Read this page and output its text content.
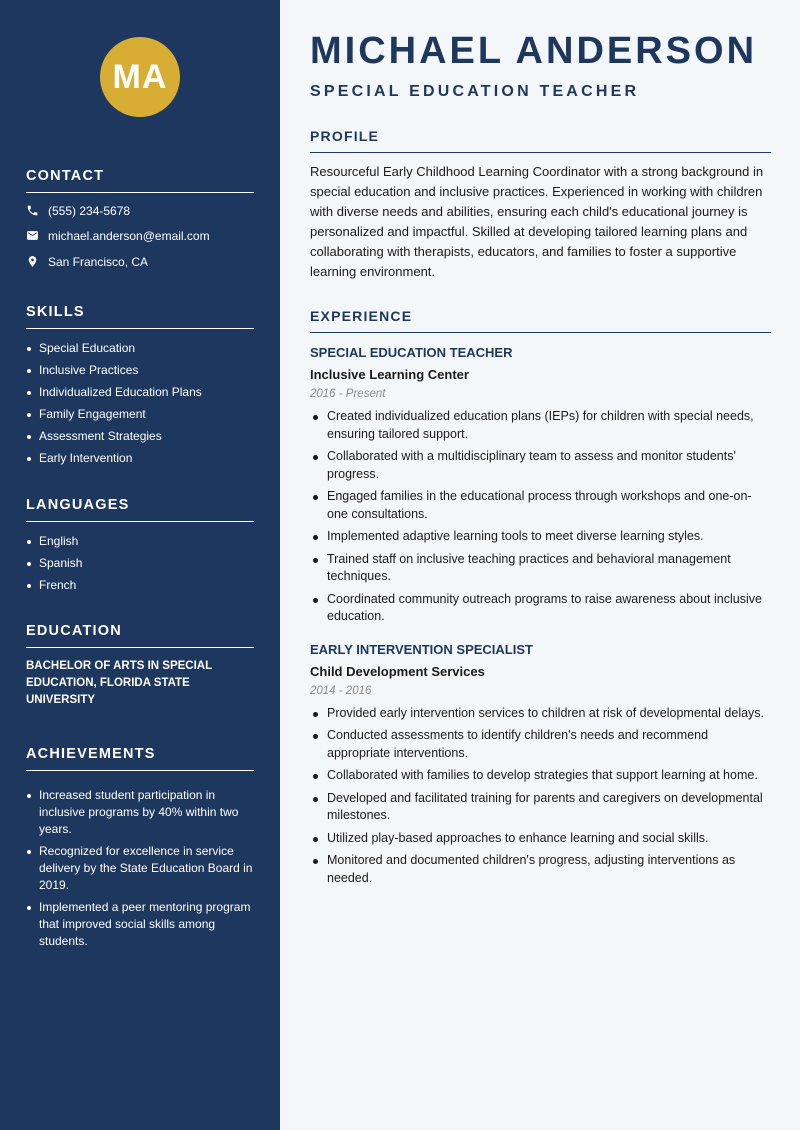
MA
CONTACT
(555) 234-5678
michael.anderson@email.com
San Francisco, CA
SKILLS
Special Education
Inclusive Practices
Individualized Education Plans
Family Engagement
Assessment Strategies
Early Intervention
LANGUAGES
English
Spanish
French
EDUCATION

BACHELOR OF ARTS IN SPECIAL EDUCATION, FLORIDA STATE UNIVERSITY

ACHIEVEMENTS
Increased student participation in inclusive programs by 40% within two years.
Recognized for excellence in service delivery by the State Education Board in 2019.
Implemented a peer mentoring program that improved social skills among students.
MICHAEL ANDERSON
SPECIAL EDUCATION TEACHER
PROFILE

Resourceful Early Childhood Learning Coordinator with a strong background in special education and inclusive practices. Experienced in working with children with diverse needs and abilities, ensuring each child's educational journey is personalized and impactful. Skilled at developing tailored learning plans and collaborating with therapists, educators, and families to foster a supportive learning environment.

EXPERIENCE

SPECIAL EDUCATION TEACHER

Inclusive Learning Center

2016 - Present

Created individualized education plans (IEPs) for children with special needs, ensuring tailored support.
Collaborated with a multidisciplinary team to assess and monitor students' progress.
Engaged families in the educational process through workshops and one-on-one consultations.
Implemented adaptive learning tools to meet diverse learning styles.
Trained staff on inclusive teaching practices and behavioral management techniques.
Coordinated community outreach programs to raise awareness about inclusive education.

EARLY INTERVENTION SPECIALIST

Child Development Services

2014 - 2016

Provided early intervention services to children at risk of developmental delays.
Conducted assessments to identify children's needs and recommend appropriate interventions.
Collaborated with families to develop strategies that support learning at home.
Developed and facilitated training for parents and caregivers on developmental milestones.
Utilized play-based approaches to enhance learning and social skills.
Monitored and documented children's progress, adjusting interventions as needed.
